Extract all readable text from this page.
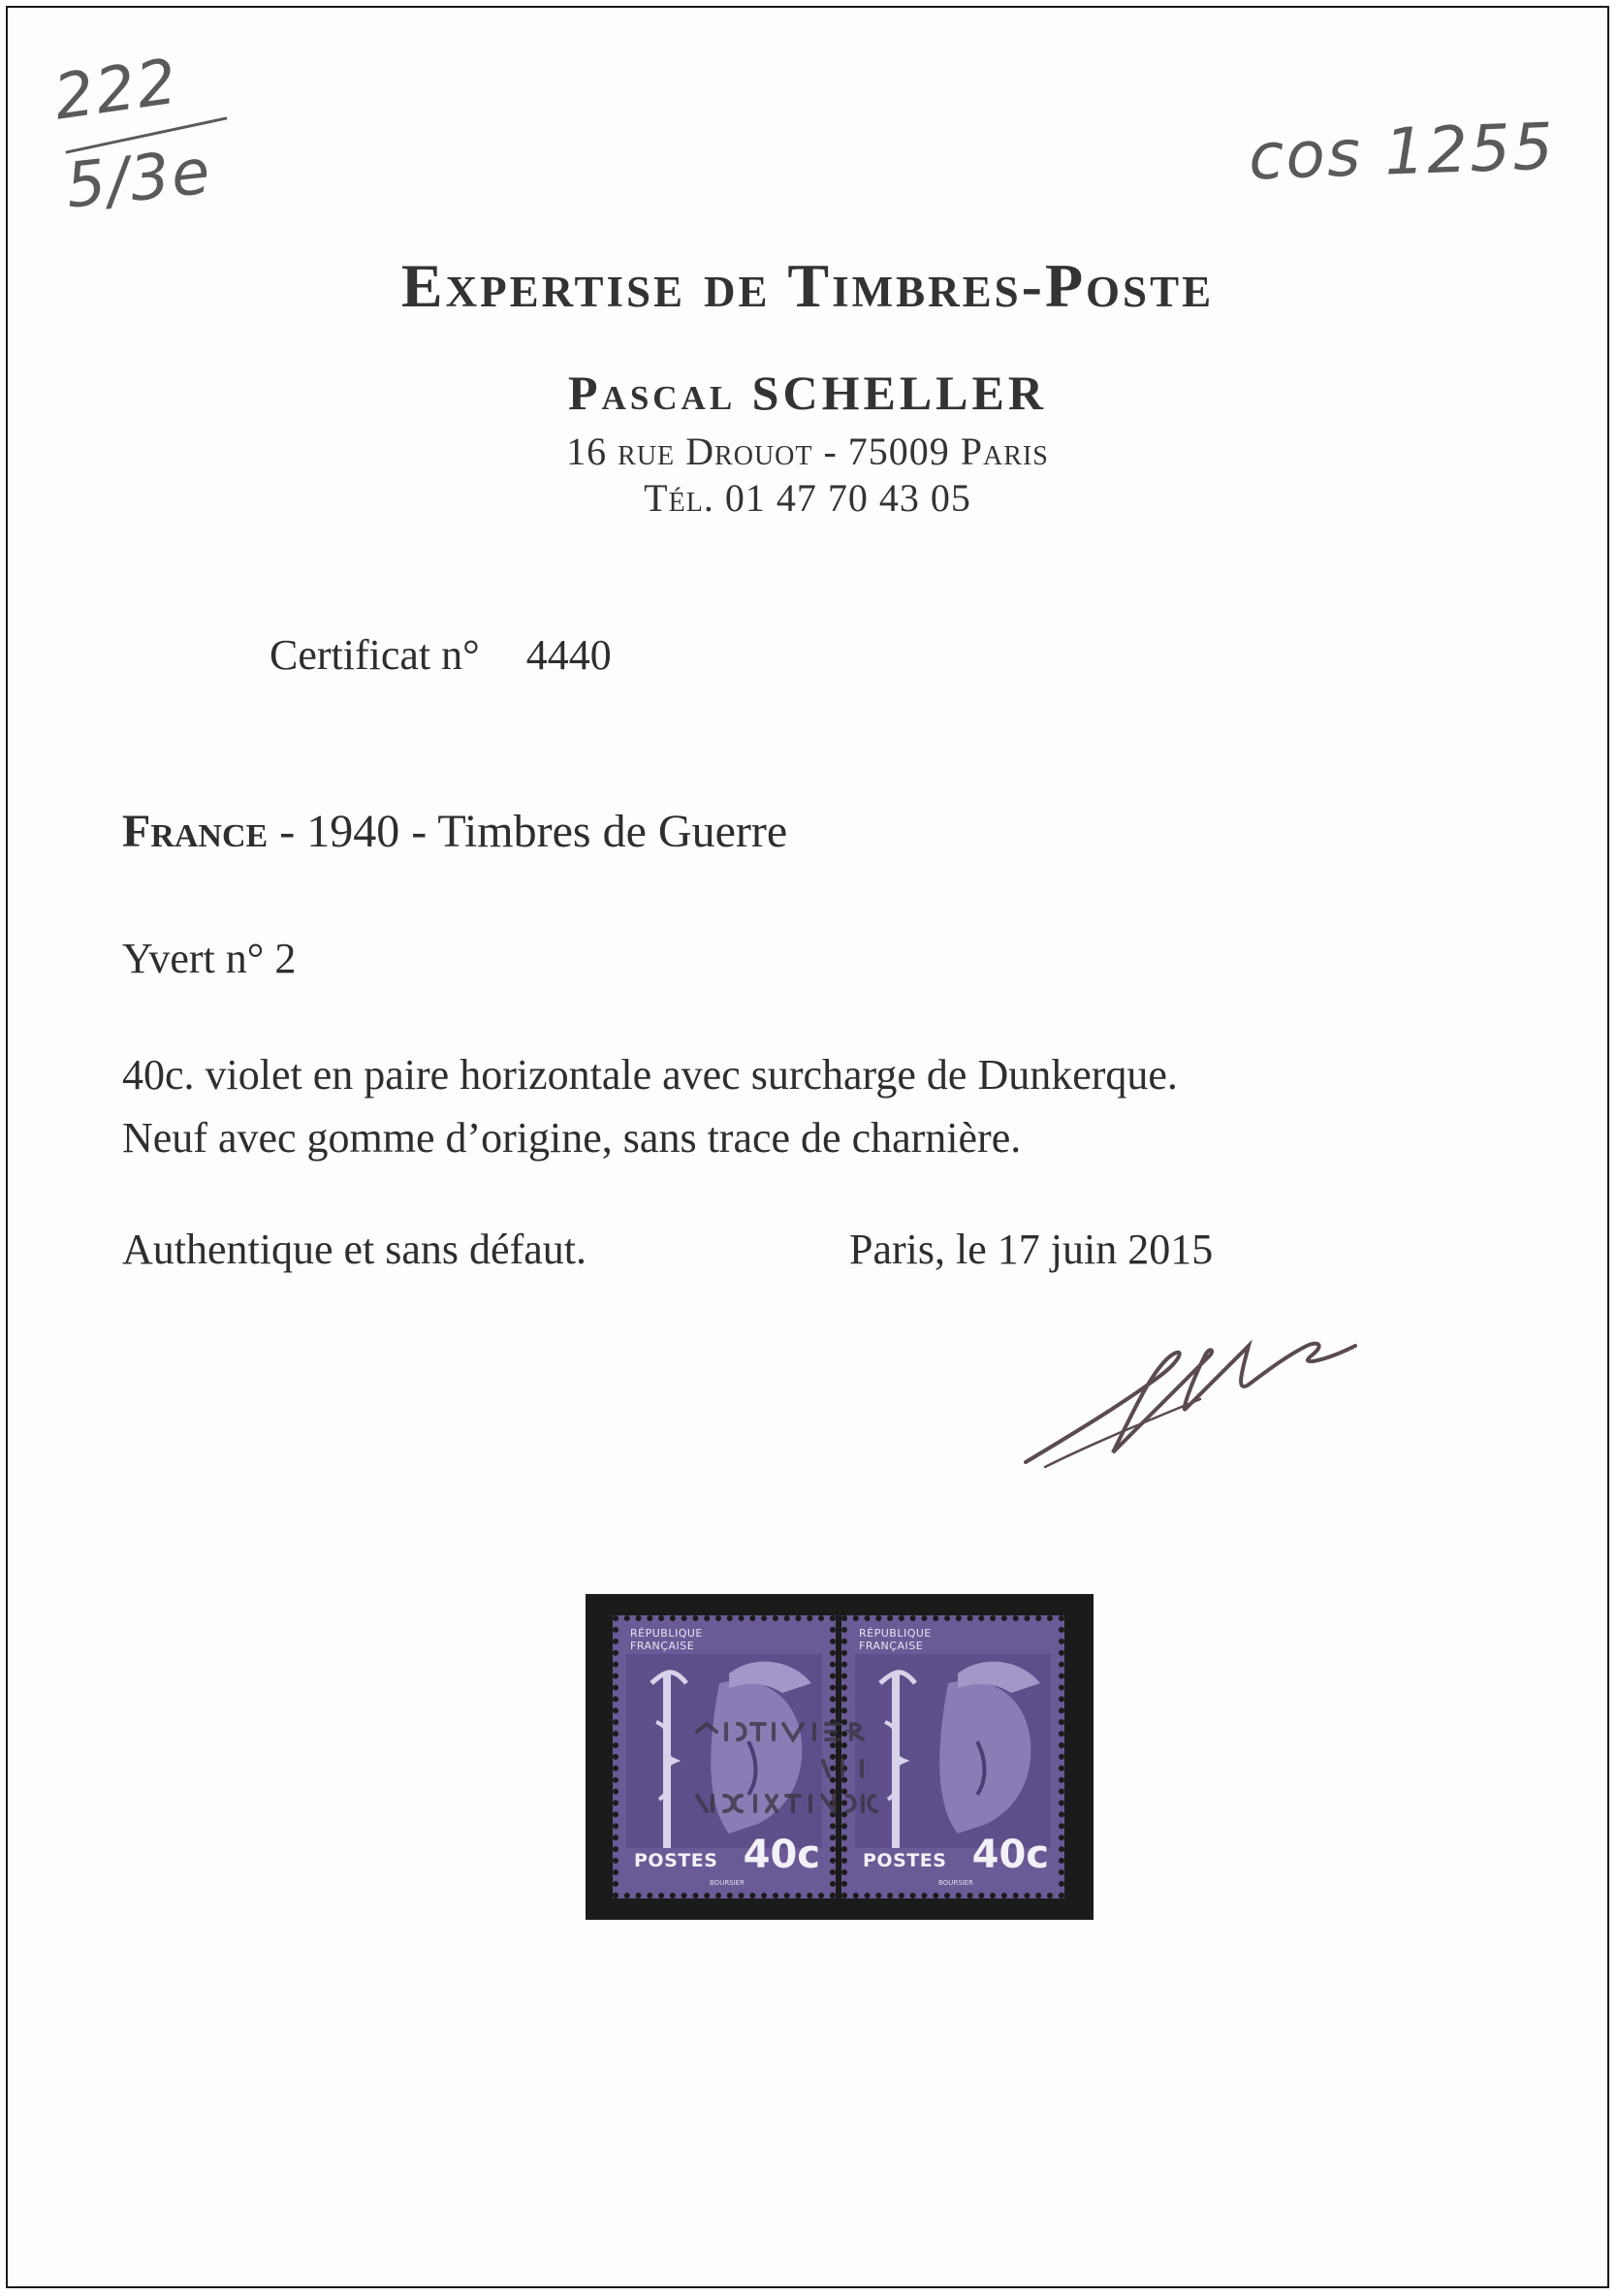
222
5/3e	cos 1255
Expertise de Timbres-Poste
Pascal SCHELLER
16 rue Drouot - 75009 Paris
Tél. 01 47 70 43 05
Certificat n° 4440
France - 1940 - Timbres de Guerre
Yvert n° 2
40c. violet en paire horizontale avec surcharge de Dunkerque.
Neuf avec gomme d’origine, sans trace de charnière.
Authentique et sans défaut.	Paris, le 17 juin 2015
RÉPUBLIQUE
FRANÇAISE
POSTES 40c
BOURSIER
RÉPUBLIQUE
FRANÇAISE
POSTES 40c
BOURSIER
